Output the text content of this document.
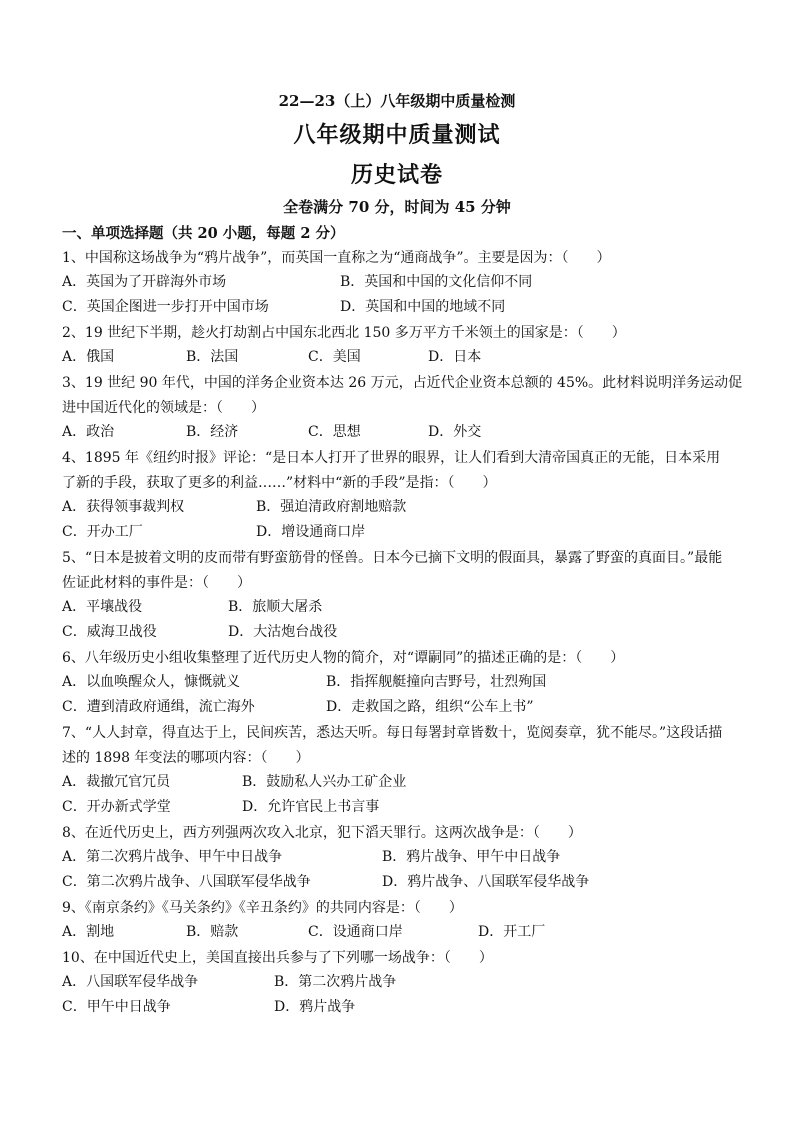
22—23（上）八年级期中质量检测
八年级期中质量测试
历史试卷
全卷满分 70 分，时间为 45 分钟
一、单项选择题（共 20 小题，每题 2 分）
1、中国称这场战争为“鸦片战争”，而英国一直称之为“通商战争”。主要是因为：（　　）
A．英国为了开辟海外市场	B．英国和中国的文化信仰不同
C．英国企图进一步打开中国市场	D．英国和中国的地域不同
2、19 世纪下半期，趁火打劫割占中国东北西北 150 多万平方千米领土的国家是：（　　）
A．俄国	B．法国	C．美国	D．日本
3、19 世纪 90 年代，中国的洋务企业资本达 26 万元，占近代企业资本总额的 45%。此材料说明洋务运动促
进中国近代化的领域是：（　　）
A．政治	B．经济	C．思想	D．外交
4、1895 年《纽约时报》评论：“是日本人打开了世界的眼界，让人们看到大清帝国真正的无能，日本采用
了新的手段，获取了更多的利益……”材料中“新的手段”是指：（　　）
A．获得领事裁判权	B．强迫清政府割地赔款
C．开办工厂	D．增设通商口岸
5、“日本是披着文明的皮而带有野蛮筋骨的怪兽。日本今已摘下文明的假面具，暴露了野蛮的真面目。”最能
佐证此材料的事件是：（　　）
A．平壤战役	B．旅顺大屠杀
C．威海卫战役	D．大沽炮台战役
6、八年级历史小组收集整理了近代历史人物的简介，对“谭嗣同”的描述正确的是：（　　）
A．以血唤醒众人，慷慨就义	B．指挥舰艇撞向吉野号，壮烈殉国
C．遭到清政府通缉，流亡海外	D．走救国之路，组织“公车上书”
7、“人人封章，得直达于上，民间疾苦，悉达天听。每日每署封章皆数十，览阅奏章，犹不能尽。”这段话描
述的 1898 年变法的哪项内容：（　　）
A．裁撤冗官冗员	B．鼓励私人兴办工矿企业
C．开办新式学堂	D．允许官民上书言事
8、在近代历史上，西方列强两次攻入北京，犯下滔天罪行。这两次战争是：（　　）
A．第二次鸦片战争、甲午中日战争	B．鸦片战争、甲午中日战争
C．第二次鸦片战争、八国联军侵华战争	D．鸦片战争、八国联军侵华战争
9、《南京条约》《马关条约》《辛丑条约》的共同内容是：（　　）
A．割地	B．赔款	C．设通商口岸	D．开工厂
10、在中国近代史上，美国直接出兵参与了下列哪一场战争：（　　）
A．八国联军侵华战争	B．第二次鸦片战争
C．甲午中日战争	D．鸦片战争
